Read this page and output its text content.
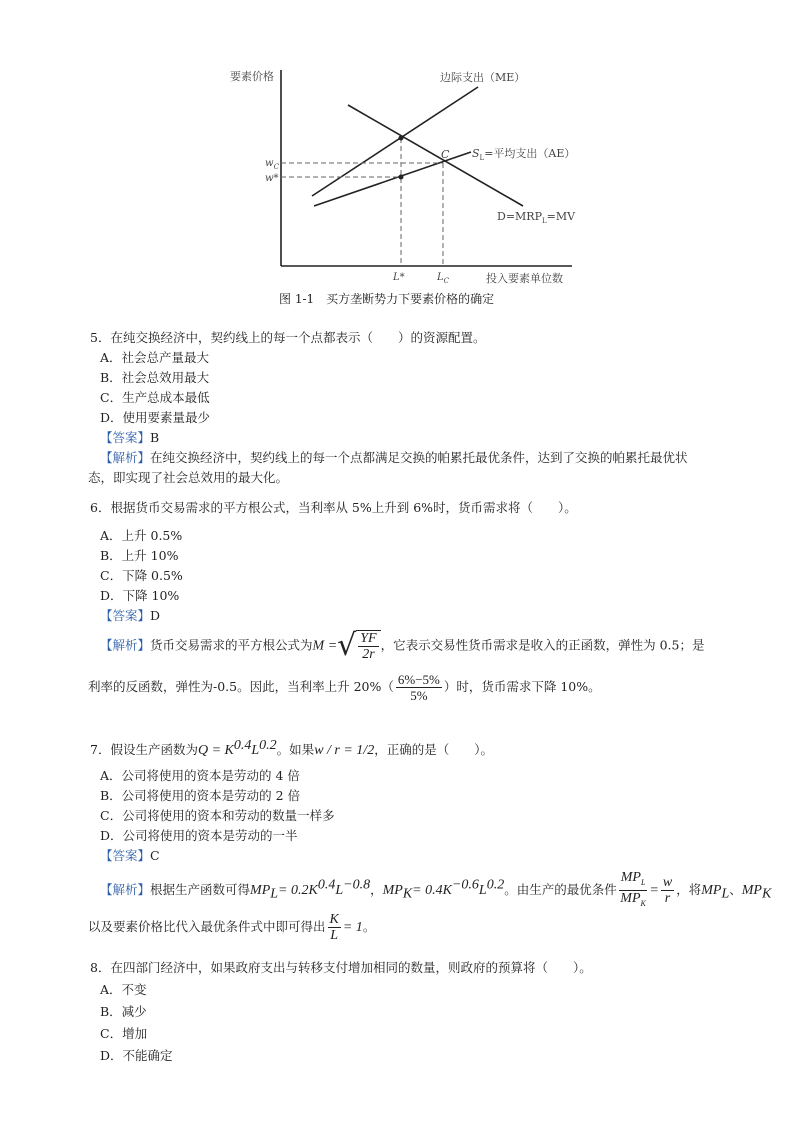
要素价格	边际支出（ME）
C $S_L=$平均支出（AE）
$D=MRP_L=MV$
$w_C$
w*
L*	$L_C$	投入要素单位数
图 1-1　买方垄断势力下要素价格的确定
5．在纯交换经济中，契约线上的每一个点都表示（　　）的资源配置。
A．社会总产量最大
B．社会总效用最大
C．生产总成本最低
D．使用要素量最少
【答案】B
【解析】在纯交换经济中，契约线上的每一个点都满足交换的帕累托最优条件，达到了交换的帕累托最优状
态，即实现了社会总效用的最大化。
6．根据货币交易需求的平方根公式，当利率从 5%上升到 6%时，货币需求将（　　）。
A．上升 0.5%
B．上升 10%
C．下降 0.5%
D．下降 10%
【答案】D
【解析】货币交易需求的平方根公式为M = √ $\frac{YF}{2r}$ ，它表示交易性货币需求是收入的正函数，弹性为 0.5；是
利率的反函数，弹性为-0.5。因此，当利率上升 $20\%( \frac{6\%-5\%}{5\%}$ ）时，货币需求下降 10%。
7．假设生产函数为$Q = K^{0.4}L^{0.2}$。如果w / r = 1/2，正确的是（　　）。
A．公司将使用的资本是劳动的 4 倍
B．公司将使用的资本是劳动的 2 倍
C．公司将使用的资本和劳动的数量一样多
D．公司将使用的资本是劳动的一半
【答案】C
【解析】根据生产函数可得$MP_L= 0.2K^{0.4}L^{-0.8}$，$MP_K= 0.4K^{-0.6}L^{0.2}$。由生产的最优条件 $\frac{MP_L}{MP_K} = \frac{w}{r}$ ，将$MP_L$、$MP_K$
以及要素价格比代入最优条件式中即可得出 $\frac{K}{L} = 1$。
8．在四部门经济中，如果政府支出与转移支付增加相同的数量，则政府的预算将（　　）。
A．不变
B．减少
C．增加
D．不能确定
